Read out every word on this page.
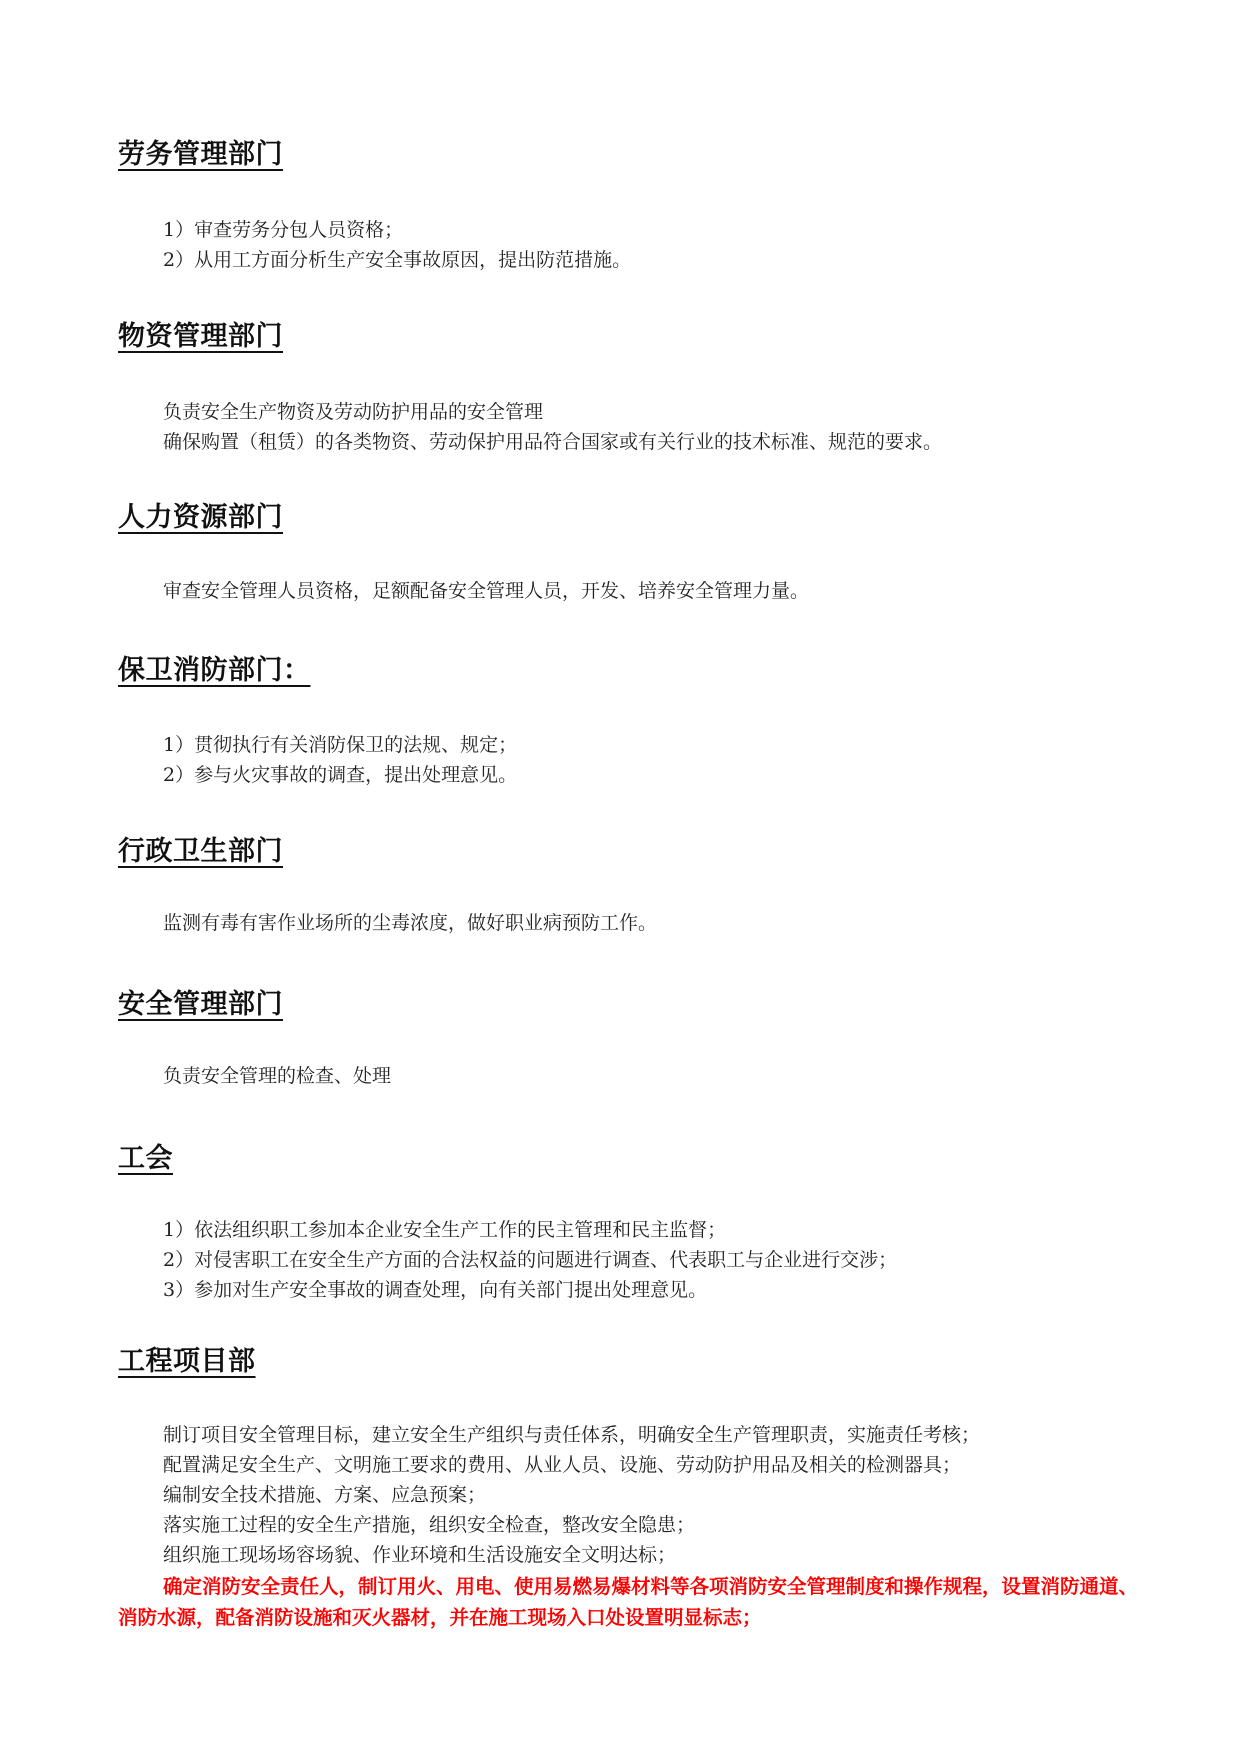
劳务管理部门
1）审查劳务分包人员资格；
2）从用工方面分析生产安全事故原因，提出防范措施。
物资管理部门
负责安全生产物资及劳动防护用品的安全管理
确保购置（租赁）的各类物资、劳动保护用品符合国家或有关行业的技术标准、规范的要求。
人力资源部门
审查安全管理人员资格，足额配备安全管理人员，开发、培养安全管理力量。
保卫消防部门：
1）贯彻执行有关消防保卫的法规、规定；
2）参与火灾事故的调查，提出处理意见。
行政卫生部门
监测有毒有害作业场所的尘毒浓度，做好职业病预防工作。
安全管理部门
负责安全管理的检查、处理
工会
1）依法组织职工参加本企业安全生产工作的民主管理和民主监督；
2）对侵害职工在安全生产方面的合法权益的问题进行调查、代表职工与企业进行交涉；
3）参加对生产安全事故的调查处理，向有关部门提出处理意见。
工程项目部
制订项目安全管理目标，建立安全生产组织与责任体系，明确安全生产管理职责，实施责任考核；
配置满足安全生产、文明施工要求的费用、从业人员、设施、劳动防护用品及相关的检测器具；
编制安全技术措施、方案、应急预案；
落实施工过程的安全生产措施，组织安全检查，整改安全隐患；
组织施工现场场容场貌、作业环境和生活设施安全文明达标；
确定消防安全责任人，制订用火、用电、使用易燃易爆材料等各项消防安全管理制度和操作规程，设置消防通道、消防水源，配备消防设施和灭火器材，并在施工现场入口处设置明显标志；
